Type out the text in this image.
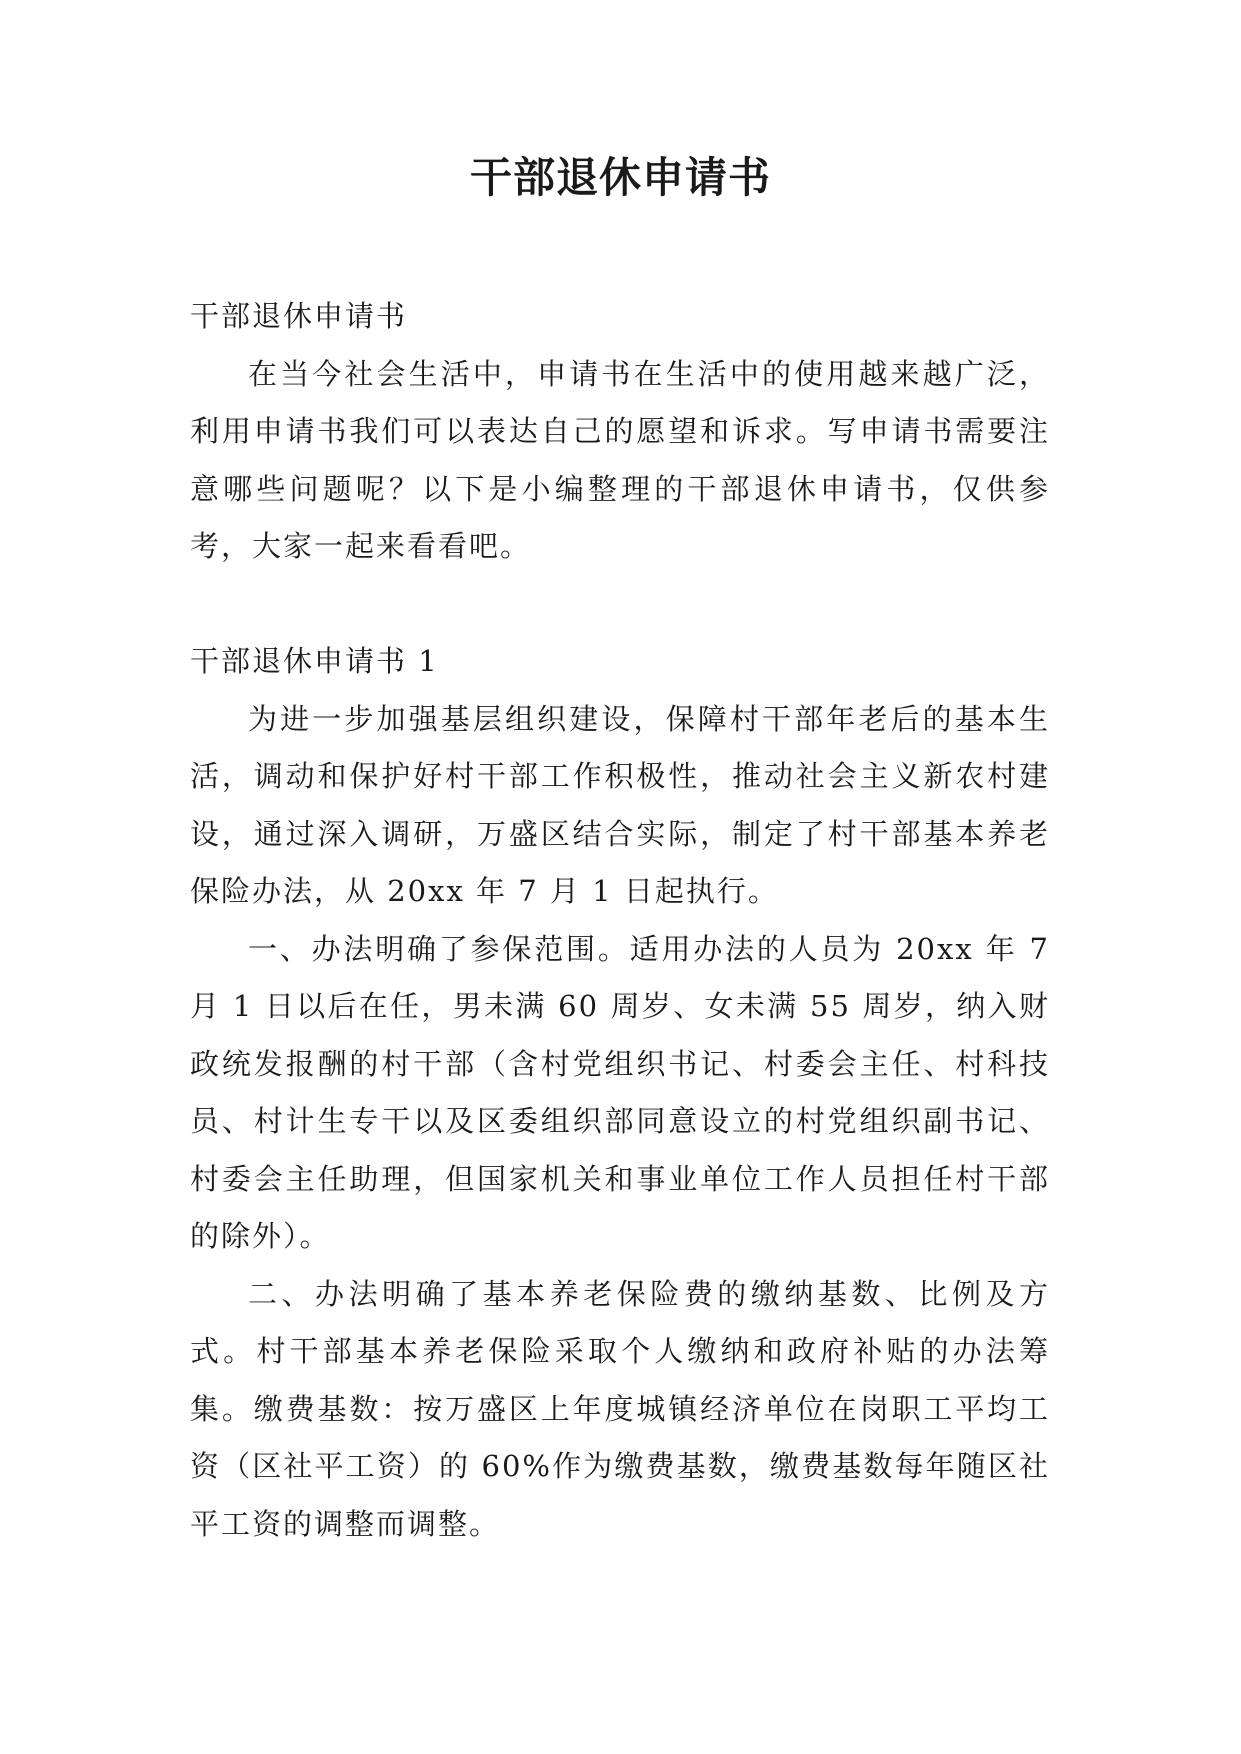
干部退休申请书

干部退休申请书

在当今社会生活中，申请书在生活中的使用越来越广泛，利用申请书我们可以表达自己的愿望和诉求。写申请书需要注意哪些问题呢？以下是小编整理的干部退休申请书，仅供参考，大家一起来看看吧。

干部退休申请书 1

为进一步加强基层组织建设，保障村干部年老后的基本生活，调动和保护好村干部工作积极性，推动社会主义新农村建设，通过深入调研，万盛区结合实际，制定了村干部基本养老保险办法，从 20xx 年 7 月 1 日起执行。

一、办法明确了参保范围。适用办法的人员为 20xx 年 7 月 1 日以后在任，男未满 60 周岁、女未满 55 周岁，纳入财政统发报酬的村干部（含村党组织书记、村委会主任、村科技员、村计生专干以及区委组织部同意设立的村党组织副书记、村委会主任助理，但国家机关和事业单位工作人员担任村干部的除外）。

二、办法明确了基本养老保险费的缴纳基数、比例及方式。村干部基本养老保险采取个人缴纳和政府补贴的办法筹集。缴费基数：按万盛区上年度城镇经济单位在岗职工平均工资（区社平工资）的 60%作为缴费基数，缴费基数每年随区社平工资的调整而调整。
